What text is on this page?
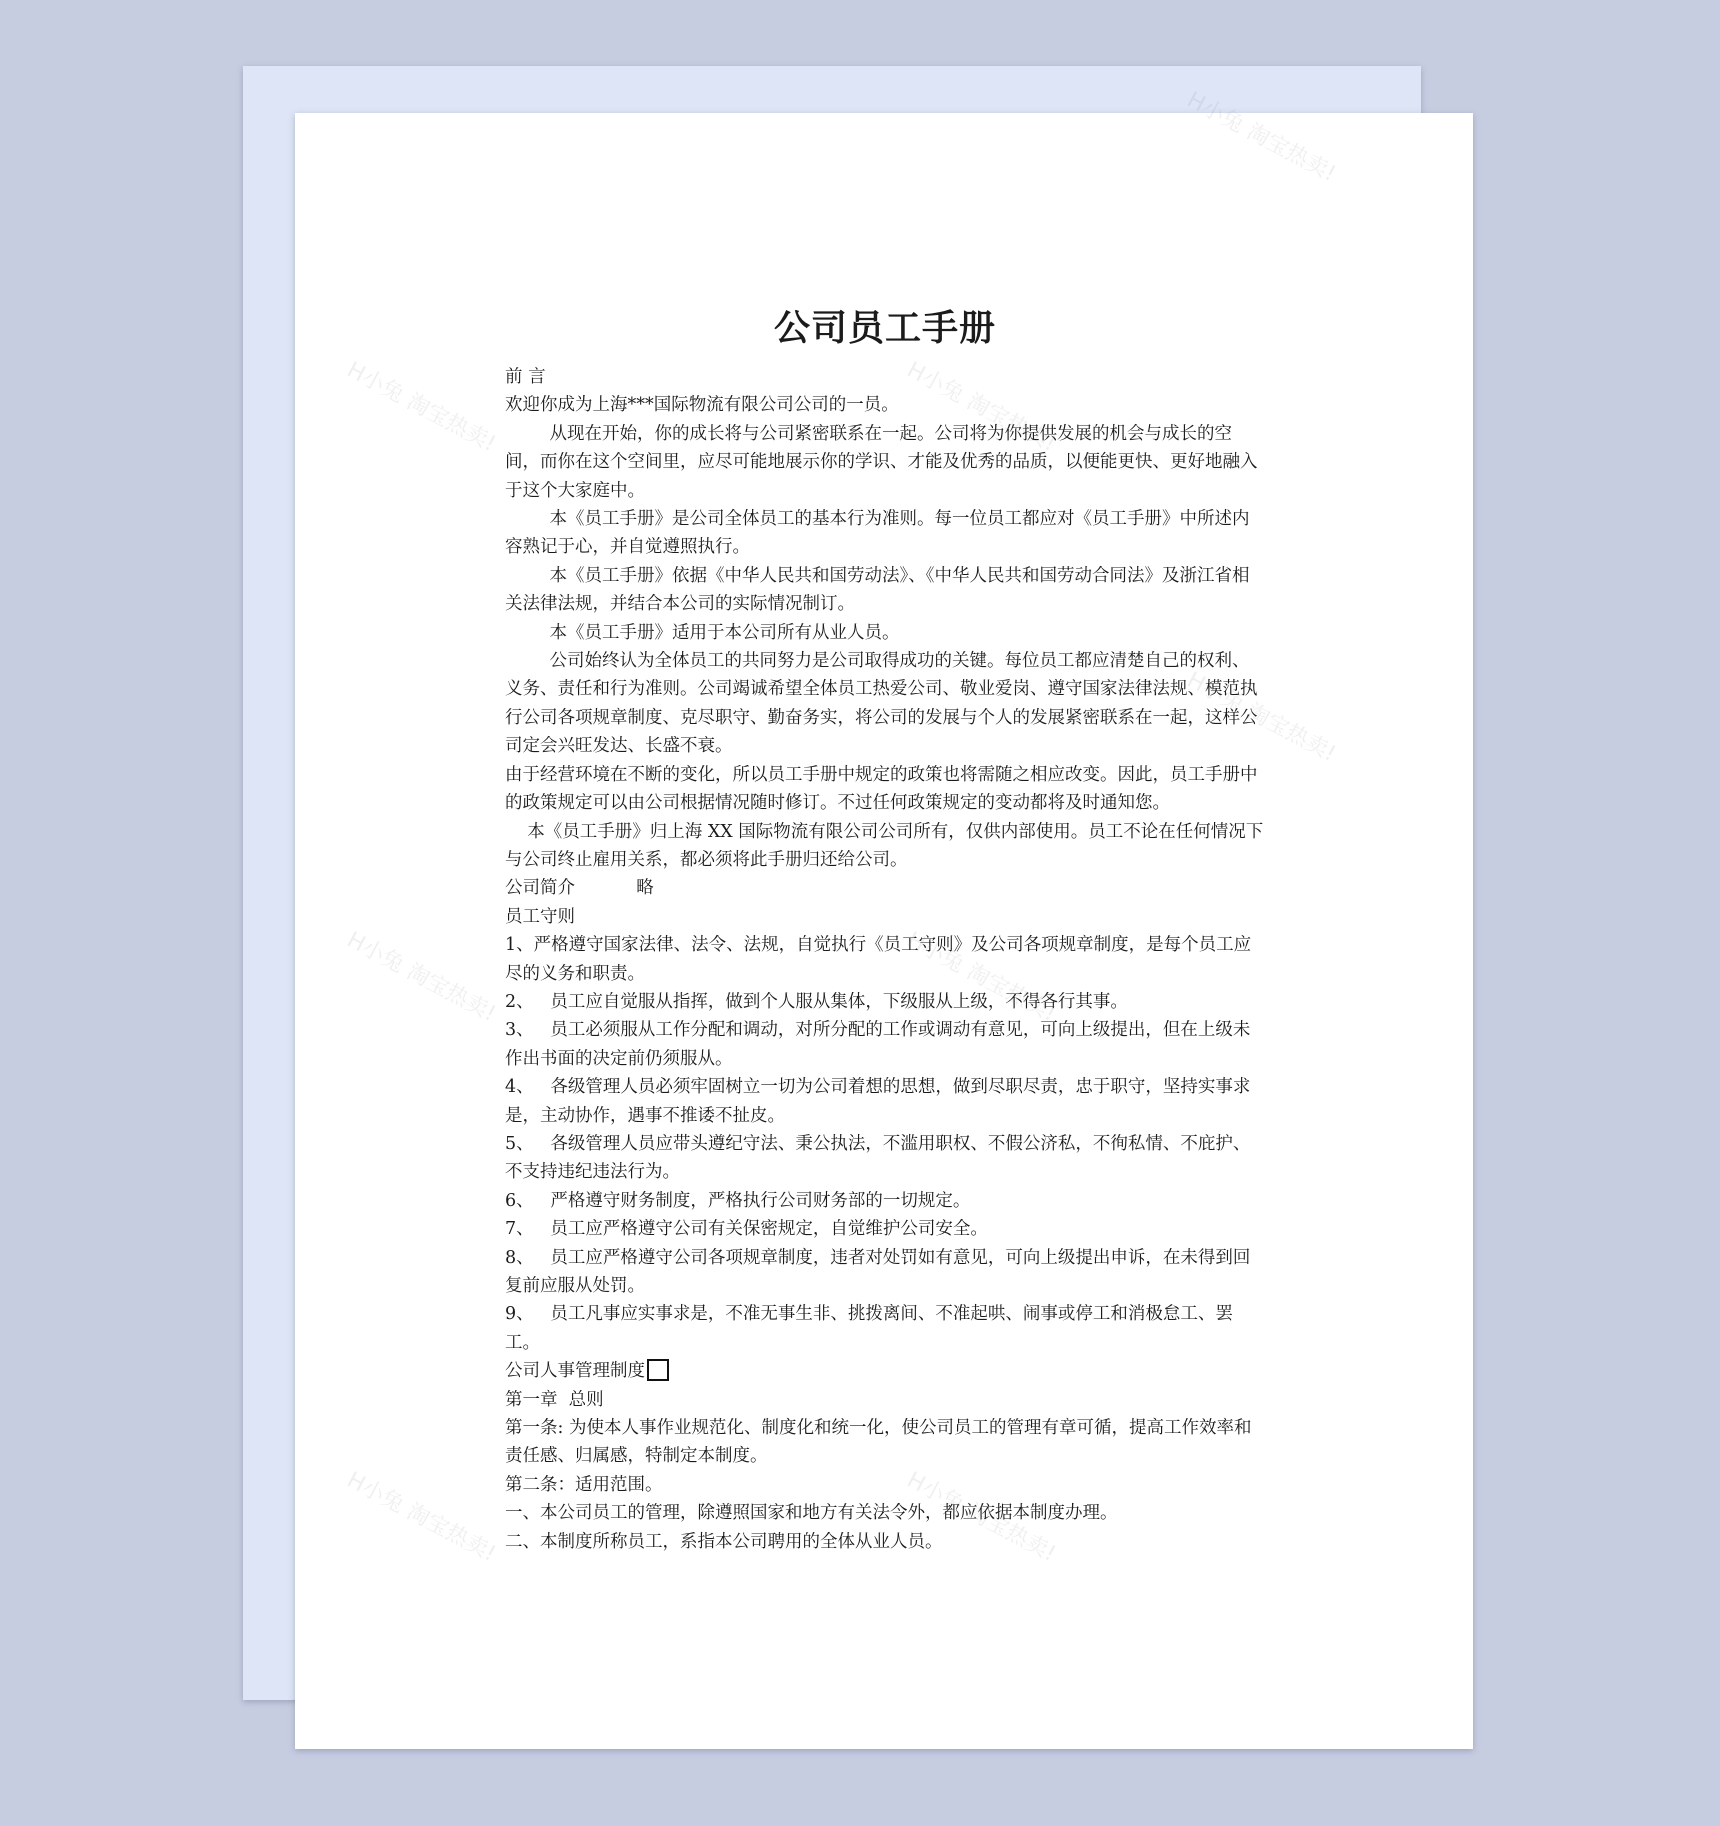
公司员工手册

前 言

欢迎你成为上海***国际物流有限公司公司的一员。

从现在开始，你的成长将与公司紧密联系在一起。公司将为你提供发展的机会与成长的空间，而你在这个空间里，应尽可能地展示你的学识、才能及优秀的品质，以便能更快、更好地融入于这个大家庭中。

本《员工手册》是公司全体员工的基本行为准则。每一位员工都应对《员工手册》中所述内容熟记于心，并自觉遵照执行。

本《员工手册》依据《中华人民共和国劳动法》、《中华人民共和国劳动合同法》及浙江省相关法律法规，并结合本公司的实际情况制订。

本《员工手册》适用于本公司所有从业人员。

公司始终认为全体员工的共同努力是公司取得成功的关键。每位员工都应清楚自己的权利、义务、责任和行为准则。公司竭诚希望全体员工热爱公司、敬业爱岗、遵守国家法律法规、模范执行公司各项规章制度、克尽职守、勤奋务实，将公司的发展与个人的发展紧密联系在一起，这样公司定会兴旺发达、长盛不衰。

由于经营环境在不断的变化，所以员工手册中规定的政策也将需随之相应改变。因此，员工手册中的政策规定可以由公司根据情况随时修订。不过任何政策规定的变动都将及时通知您。

本《员工手册》归上海 XX 国际物流有限公司公司所有，仅供内部使用。员工不论在任何情况下与公司终止雇用关系，都必须将此手册归还给公司。

公司简介           略

员工守则

1、严格遵守国家法律、法令、法规，自觉执行《员工守则》及公司各项规章制度，是每个员工应尽的义务和职责。

2、   员工应自觉服从指挥，做到个人服从集体，下级服从上级，不得各行其事。

3、   员工必须服从工作分配和调动，对所分配的工作或调动有意见，可向上级提出，但在上级未作出书面的决定前仍须服从。

4、   各级管理人员必须牢固树立一切为公司着想的思想，做到尽职尽责，忠于职守，坚持实事求是，主动协作，遇事不推诿不扯皮。

5、   各级管理人员应带头遵纪守法、秉公执法，不滥用职权、不假公济私，不徇私情、不庇护、不支持违纪违法行为。

6、   严格遵守财务制度，严格执行公司财务部的一切规定。

7、   员工应严格遵守公司有关保密规定，自觉维护公司安全。

8、   员工应严格遵守公司各项规章制度，违者对处罚如有意见，可向上级提出申诉，在未得到回复前应服从处罚。

9、   员工凡事应实事求是，不准无事生非、挑拨离间、不准起哄、闹事或停工和消极怠工、罢工。

公司人事管理制度

第一章  总则

第一条: 为使本人事作业规范化、制度化和统一化，使公司员工的管理有章可循，提高工作效率和责任感、归属感，特制定本制度。

第二条：适用范围。

一、本公司员工的管理，除遵照国家和地方有关法令外，都应依据本制度办理。

二、本制度所称员工，系指本公司聘用的全体从业人员。
